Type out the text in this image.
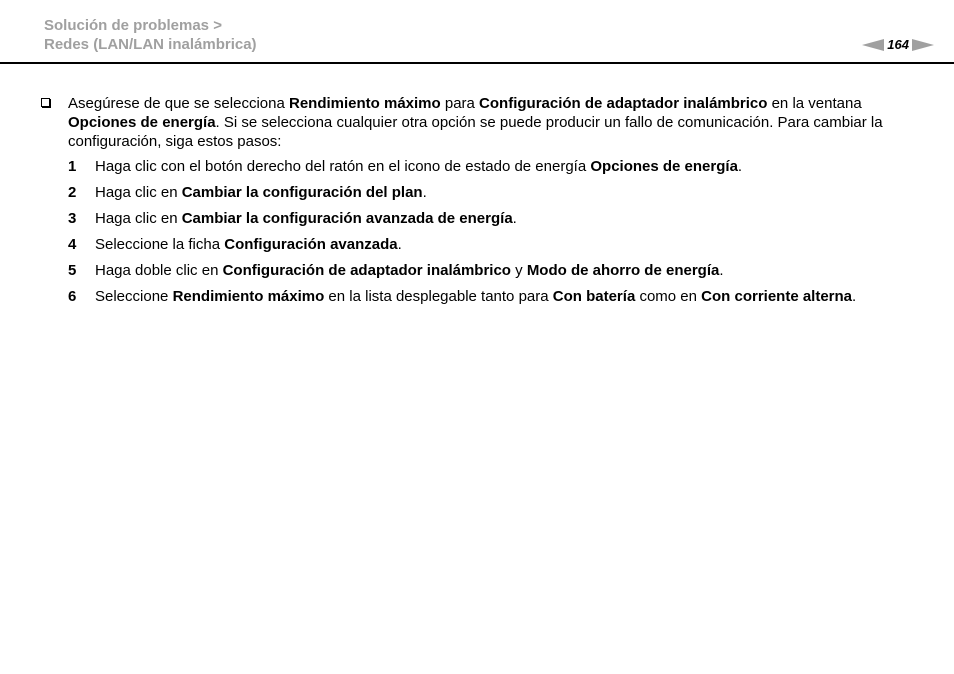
Solución de problemas >
Redes (LAN/LAN inalámbrica)	164
Asegúrese de que se selecciona Rendimiento máximo para Configuración de adaptador inalámbrico en la ventana Opciones de energía. Si se selecciona cualquier otra opción se puede producir un fallo de comunicación. Para cambiar la configuración, siga estos pasos:
1 Haga clic con el botón derecho del ratón en el icono de estado de energía Opciones de energía.
2 Haga clic en Cambiar la configuración del plan.
3 Haga clic en Cambiar la configuración avanzada de energía.
4 Seleccione la ficha Configuración avanzada.
5 Haga doble clic en Configuración de adaptador inalámbrico y Modo de ahorro de energía.
6 Seleccione Rendimiento máximo en la lista desplegable tanto para Con batería como en Con corriente alterna.
